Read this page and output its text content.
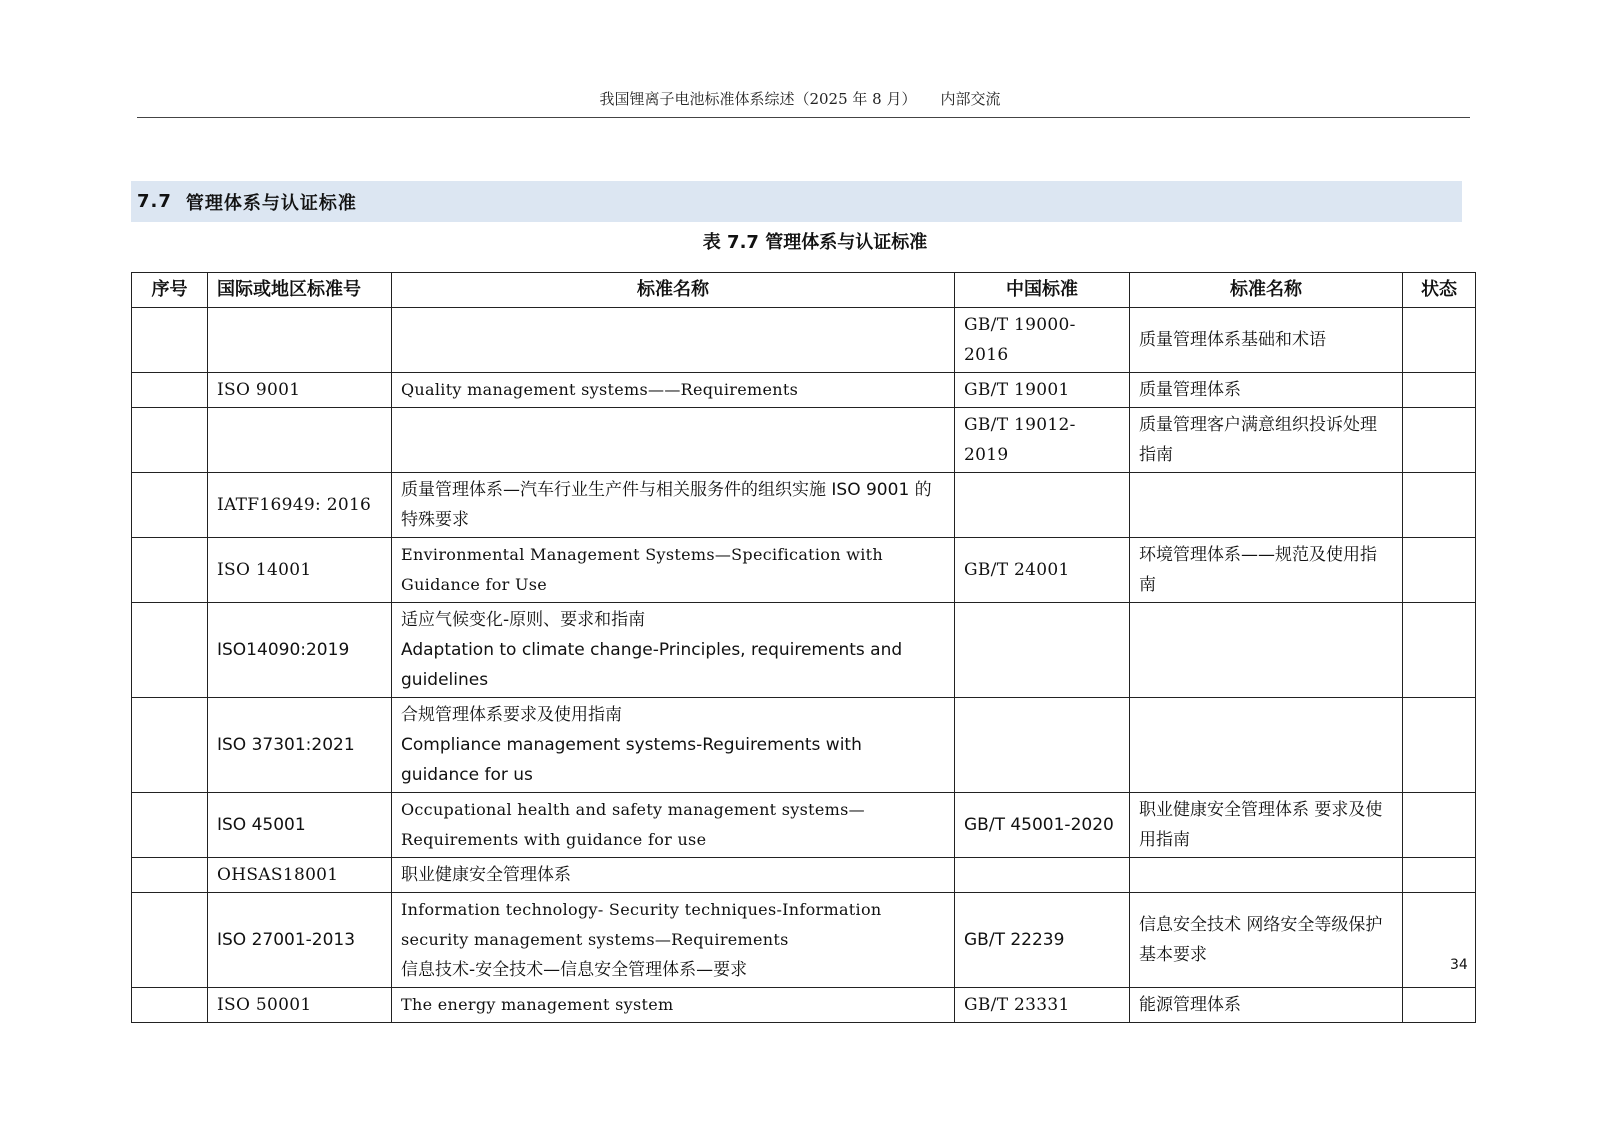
我国锂离子电池标准体系综述（2025 年 8 月） 内部交流
7.7 管理体系与认证标准
表 7.7 管理体系与认证标准
序号	国际或地区标准号	标准名称	中国标准	标准名称	状态
			GB/T 19000-2016	质量管理体系基础和术语	
	ISO 9001	Quality management systems——Requirements	GB/T 19001	质量管理体系	
			GB/T 19012-2019	质量管理客户满意组织投诉处理指南	
	IATF16949: 2016	质量管理体系—汽车行业生产件与相关服务件的组织实施 ISO 9001 的特殊要求			

	ISO 14001	Environmental Management Systems—Specification with Guidance for Use	GB/T 24001	环境管理体系——规范及使用指南	
	ISO14090:2019	适应气候变化-原则、要求和指南
Adaptation to climate change-Principles, requirements and guidelines			

	ISO 37301:2021	合规管理体系要求及使用指南
Compliance management systems-Reguirements with guidance for us			

	ISO 45001	Occupational health and safety management systems—Requirements with guidance for use	GB/T 45001-2020	职业健康安全管理体系 要求及使用指南	
	OHSAS18001	职业健康安全管理体系			

	ISO 27001-2013	Information technology- Security techniques-Information security management systems—Requirements
信息技术-安全技术—信息安全管理体系—要求	GB/T 22239	信息安全技术 网络安全等级保护基本要求	
	ISO 50001	The energy management system	GB/T 23331	能源管理体系	
34
